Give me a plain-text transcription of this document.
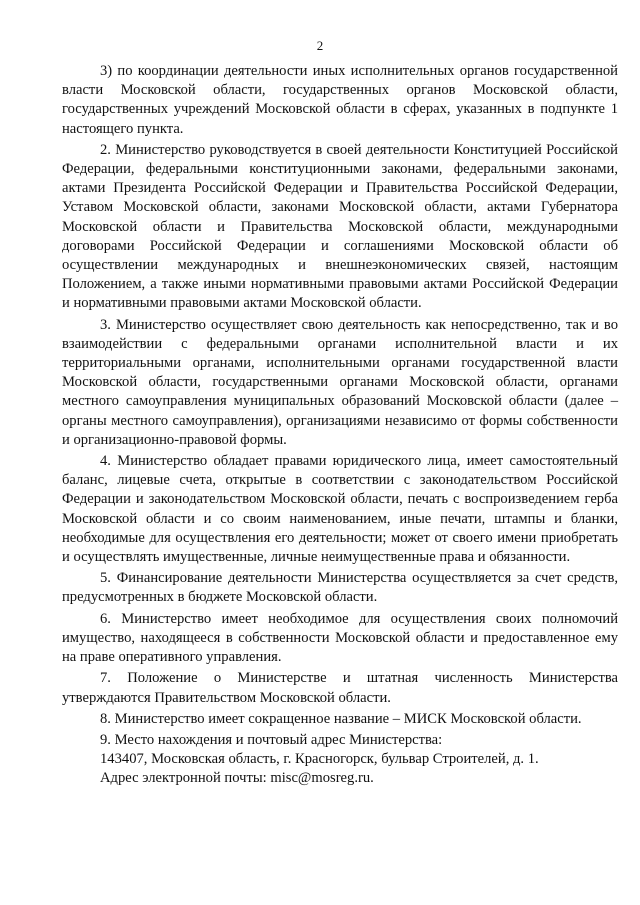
2

3) по координации деятельности иных исполнительных органов государственной власти Московской области, государственных органов Московской области, государственных учреждений Московской области в сферах, указанных в подпункте 1 настоящего пункта.

2. Министерство руководствуется в своей деятельности Конституцией Российской Федерации, федеральными конституционными законами, федеральными законами, актами Президента Российской Федерации и Правительства Российской Федерации, Уставом Московской области, законами Московской области, актами Губернатора Московской области и Правительства Московской области, международными договорами Российской Федерации и соглашениями Московской области об осуществлении международных и внешнеэкономических связей, настоящим Положением, а также иными нормативными правовыми актами Российской Федерации и нормативными правовыми актами Московской области.

3. Министерство осуществляет свою деятельность как непосредственно, так и во взаимодействии с федеральными органами исполнительной власти и их территориальными органами, исполнительными органами государственной власти Московской области, государственными органами Московской области, органами местного самоуправления муниципальных образований Московской области (далее – органы местного самоуправления), организациями независимо от формы собственности и организационно-правовой формы.

4. Министерство обладает правами юридического лица, имеет самостоятельный баланс, лицевые счета, открытые в соответствии с законодательством Российской Федерации и законодательством Московской области, печать с воспроизведением герба Московской области и со своим наименованием, иные печати, штампы и бланки, необходимые для осуществления его деятельности; может от своего имени приобретать и осуществлять имущественные, личные неимущественные права и обязанности.

5. Финансирование деятельности Министерства осуществляется за счет средств, предусмотренных в бюджете Московской области.

6. Министерство имеет необходимое для осуществления своих полномочий имущество, находящееся в собственности Московской области и предоставленное ему на праве оперативного управления.

7. Положение о Министерстве и штатная численность Министерства утверждаются Правительством Московской области.

8. Министерство имеет сокращенное название – МИСК Московской области.

9. Место нахождения и почтовый адрес Министерства:

143407, Московская область, г. Красногорск, бульвар Строителей, д. 1.

Адрес электронной почты: misc@mosreg.ru.
